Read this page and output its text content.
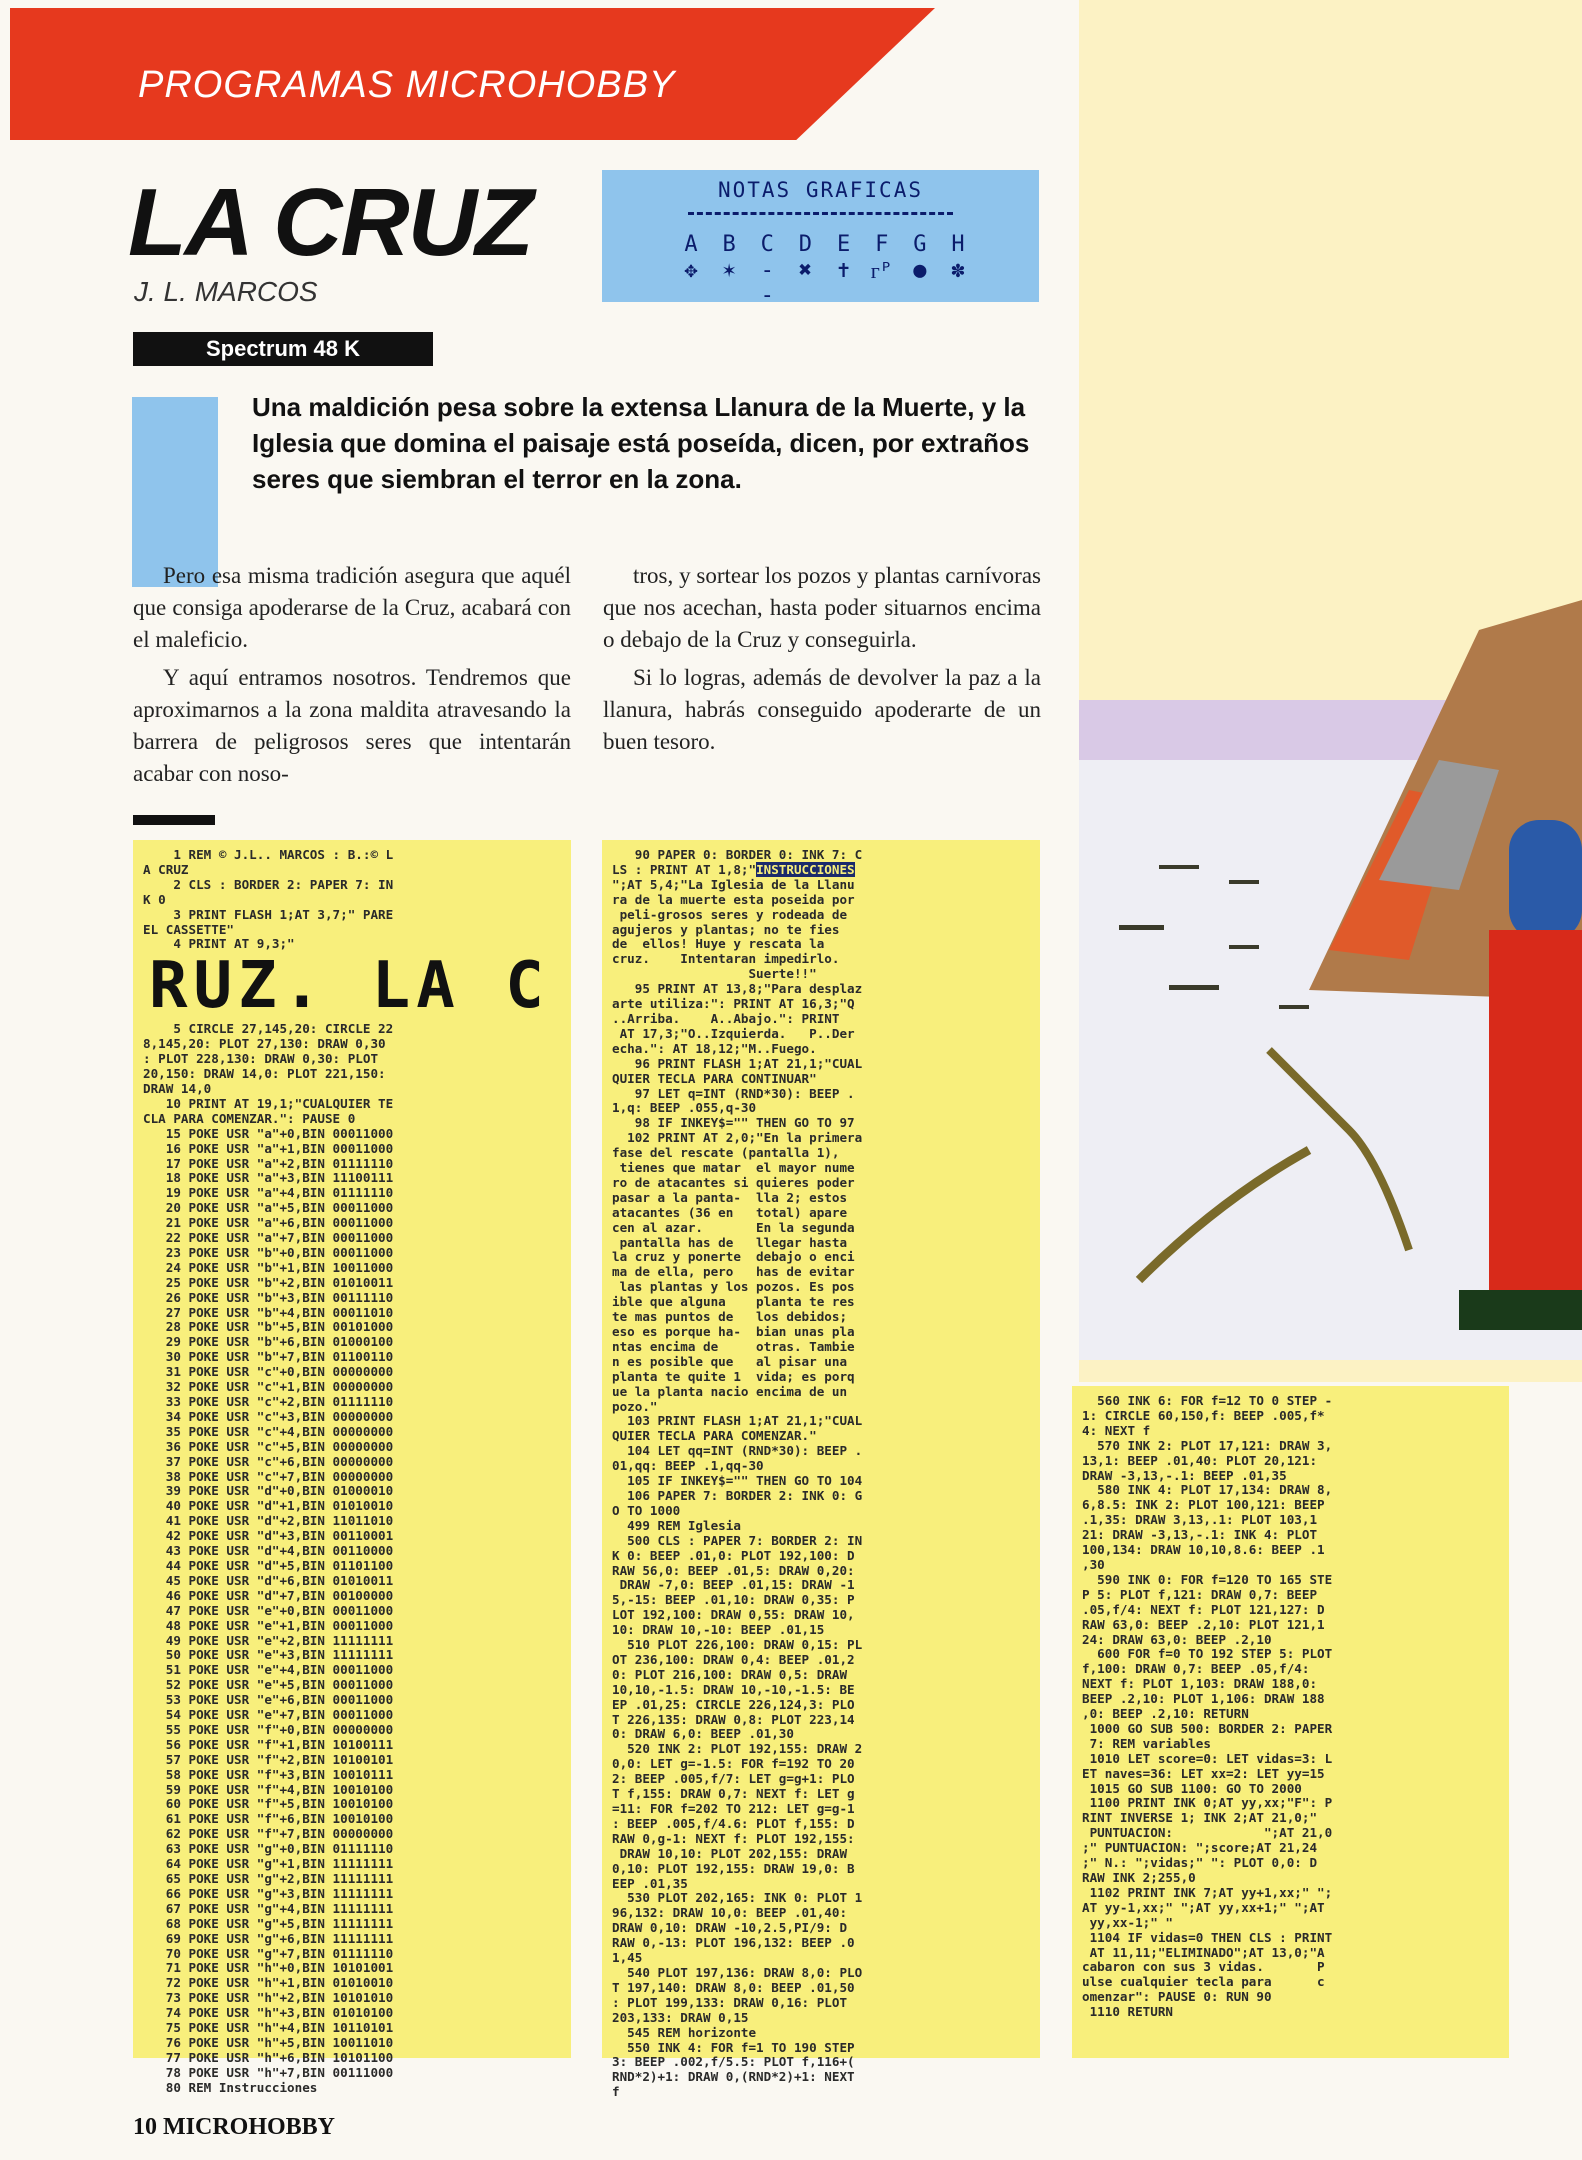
PROGRAMAS MICROHOBBY
LA CRUZ
J. L. MARCOS
Spectrum 48 K
NOTAS GRAFICAS
A B C D E F G H
✥ ✶ --
✖ ✝ ᴦᴾ ● ✽
Una maldición pesa sobre la extensa Llanura de la Muerte, y la Iglesia que domina el paisaje está poseída, dicen, por extraños seres que siembran el terror en la zona.

Pero esa misma tradición asegura que aquél que consiga apoderarse de la Cruz, acabará con el maleficio.

Y aquí entramos nosotros. Tendremos que aproximarnos a la zona maldita atravesando la barrera de peligrosos seres que intentarán acabar con noso-

tros, y sortear los pozos y plantas carnívoras que nos acechan, hasta poder situarnos encima o debajo de la Cruz y conseguirla.

Si lo logras, además de devolver la paz a la llanura, habrás conseguido apoderarte de un buen tesoro.

1 REM © J.L.. MARCOS : B.:© L
A CRUZ
2 CLS : BORDER 2: PAPER 7: IN
K 0
3 PRINT FLASH 1;AT 3,7;" PARE
EL CASSETTE"
4 PRINT AT 9,3;"
RUZ. LA C
5 CIRCLE 27,145,20: CIRCLE 22
8,145,20: PLOT 27,130: DRAW 0,30
: PLOT 228,130: DRAW 0,30: PLOT
20,150: DRAW 14,0: PLOT 221,150:
DRAW 14,0
10 PRINT AT 19,1;"CUALQUIER TE
CLA PARA COMENZAR.": PAUSE 0
15 POKE USR "a"+0,BIN 00011000
16 POKE USR "a"+1,BIN 00011000
17 POKE USR "a"+2,BIN 01111110
18 POKE USR "a"+3,BIN 11100111
19 POKE USR "a"+4,BIN 01111110
20 POKE USR "a"+5,BIN 00011000
21 POKE USR "a"+6,BIN 00011000
22 POKE USR "a"+7,BIN 00011000
23 POKE USR "b"+0,BIN 00011000
24 POKE USR "b"+1,BIN 10011000
25 POKE USR "b"+2,BIN 01010011
26 POKE USR "b"+3,BIN 00111110
27 POKE USR "b"+4,BIN 00011010
28 POKE USR "b"+5,BIN 00101000
29 POKE USR "b"+6,BIN 01000100
30 POKE USR "b"+7,BIN 01100110
31 POKE USR "c"+0,BIN 00000000
32 POKE USR "c"+1,BIN 00000000
33 POKE USR "c"+2,BIN 01111110
34 POKE USR "c"+3,BIN 00000000
35 POKE USR "c"+4,BIN 00000000
36 POKE USR "c"+5,BIN 00000000
37 POKE USR "c"+6,BIN 00000000
38 POKE USR "c"+7,BIN 00000000
39 POKE USR "d"+0,BIN 01000010
40 POKE USR "d"+1,BIN 01010010
41 POKE USR "d"+2,BIN 11011010
42 POKE USR "d"+3,BIN 00110001
43 POKE USR "d"+4,BIN 00110000
44 POKE USR "d"+5,BIN 01101100
45 POKE USR "d"+6,BIN 01010011
46 POKE USR "d"+7,BIN 00100000
47 POKE USR "e"+0,BIN 00011000
48 POKE USR "e"+1,BIN 00011000
49 POKE USR "e"+2,BIN 11111111
50 POKE USR "e"+3,BIN 11111111
51 POKE USR "e"+4,BIN 00011000
52 POKE USR "e"+5,BIN 00011000
53 POKE USR "e"+6,BIN 00011000
54 POKE USR "e"+7,BIN 00011000
55 POKE USR "f"+0,BIN 00000000
56 POKE USR "f"+1,BIN 10100111
57 POKE USR "f"+2,BIN 10100101
58 POKE USR "f"+3,BIN 10010111
59 POKE USR "f"+4,BIN 10010100
60 POKE USR "f"+5,BIN 10010100
61 POKE USR "f"+6,BIN 10010100
62 POKE USR "f"+7,BIN 00000000
63 POKE USR "g"+0,BIN 01111110
64 POKE USR "g"+1,BIN 11111111
65 POKE USR "g"+2,BIN 11111111
66 POKE USR "g"+3,BIN 11111111
67 POKE USR "g"+4,BIN 11111111
68 POKE USR "g"+5,BIN 11111111
69 POKE USR "g"+6,BIN 11111111
70 POKE USR "g"+7,BIN 01111110
71 POKE USR "h"+0,BIN 10101001
72 POKE USR "h"+1,BIN 01010010
73 POKE USR "h"+2,BIN 10101010
74 POKE USR "h"+3,BIN 01010100
75 POKE USR "h"+4,BIN 10110101
76 POKE USR "h"+5,BIN 10011010
77 POKE USR "h"+6,BIN 10101100
78 POKE USR "h"+7,BIN 00111000
80 REM Instrucciones
90 PAPER 0: BORDER 0: INK 7: C
LS : PRINT AT 1,8;"INSTRUCCIONES
";AT 5,4;"La Iglesia de la Llanu
ra de la muerte esta poseida por
peli-grosos seres y rodeada de
agujeros y plantas; no te fies
de  ellos! Huye y rescata la
cruz.    Intentaran impedirlo.
Suerte!!"
95 PRINT AT 13,8;"Para desplaz
arte utiliza:": PRINT AT 16,3;"Q
..Arriba.    A..Abajo.": PRINT
AT 17,3;"O..Izquierda.   P..Der
echa.": AT 18,12;"M..Fuego.
96 PRINT FLASH 1;AT 21,1;"CUAL
QUIER TECLA PARA CONTINUAR"
97 LET q=INT (RND*30): BEEP .
1,q: BEEP .055,q-30
98 IF INKEY$="" THEN GO TO 97
102 PRINT AT 2,0;"En la primera
fase del rescate (pantalla 1),
tienes que matar  el mayor nume
ro de atacantes si quieres poder
pasar a la panta-  lla 2; estos
atacantes (36 en   total) apare
cen al azar.       En la segunda
pantalla has de   llegar hasta
la cruz y ponerte  debajo o enci
ma de ella, pero   has de evitar
las plantas y los pozos. Es pos
ible que alguna    planta te res
te mas puntos de   los debidos;
eso es porque ha-  bian unas pla
ntas encima de     otras. Tambie
n es posible que   al pisar una
planta te quite 1  vida; es porq
ue la planta nacio encima de un
pozo."
103 PRINT FLASH 1;AT 21,1;"CUAL
QUIER TECLA PARA COMENZAR."
104 LET qq=INT (RND*30): BEEP .
01,qq: BEEP .1,qq-30
105 IF INKEY$="" THEN GO TO 104
106 PAPER 7: BORDER 2: INK 0: G
O TO 1000
499 REM Iglesia
500 CLS : PAPER 7: BORDER 2: IN
K 0: BEEP .01,0: PLOT 192,100: D
RAW 56,0: BEEP .01,5: DRAW 0,20:
DRAW -7,0: BEEP .01,15: DRAW -1
5,-15: BEEP .01,10: DRAW 0,35: P
LOT 192,100: DRAW 0,55: DRAW 10,
10: DRAW 10,-10: BEEP .01,15
510 PLOT 226,100: DRAW 0,15: PL
OT 236,100: DRAW 0,4: BEEP .01,2
0: PLOT 216,100: DRAW 0,5: DRAW
10,10,-1.5: DRAW 10,-10,-1.5: BE
EP .01,25: CIRCLE 226,124,3: PLO
T 226,135: DRAW 0,8: PLOT 223,14
0: DRAW 6,0: BEEP .01,30
520 INK 2: PLOT 192,155: DRAW 2
0,0: LET g=-1.5: FOR f=192 TO 20
2: BEEP .005,f/7: LET g=g+1: PLO
T f,155: DRAW 0,7: NEXT f: LET g
=11: FOR f=202 TO 212: LET g=g-1
: BEEP .005,f/4.6: PLOT f,155: D
RAW 0,g-1: NEXT f: PLOT 192,155:
DRAW 10,10: PLOT 202,155: DRAW
0,10: PLOT 192,155: DRAW 19,0: B
EEP .01,35
530 PLOT 202,165: INK 0: PLOT 1
96,132: DRAW 10,0: BEEP .01,40:
DRAW 0,10: DRAW -10,2.5,PI/9: D
RAW 0,-13: PLOT 196,132: BEEP .0
1,45
540 PLOT 197,136: DRAW 8,0: PLO
T 197,140: DRAW 8,0: BEEP .01,50
: PLOT 199,133: DRAW 0,16: PLOT
203,133: DRAW 0,15
545 REM horizonte
550 INK 4: FOR f=1 TO 190 STEP
3: BEEP .002,f/5.5: PLOT f,116+(
RND*2)+1: DRAW 0,(RND*2)+1: NEXT
f
560 INK 6: FOR f=12 TO 0 STEP -
1: CIRCLE 60,150,f: BEEP .005,f*
4: NEXT f
570 INK 2: PLOT 17,121: DRAW 3,
13,1: BEEP .01,40: PLOT 20,121:
DRAW -3,13,-.1: BEEP .01,35
580 INK 4: PLOT 17,134: DRAW 8,
6,8.5: INK 2: PLOT 100,121: BEEP
.1,35: DRAW 3,13,.1: PLOT 103,1
21: DRAW -3,13,-.1: INK 4: PLOT
100,134: DRAW 10,10,8.6: BEEP .1
,30
590 INK 0: FOR f=120 TO 165 STE
P 5: PLOT f,121: DRAW 0,7: BEEP
.05,f/4: NEXT f: PLOT 121,127: D
RAW 63,0: BEEP .2,10: PLOT 121,1
24: DRAW 63,0: BEEP .2,10
600 FOR f=0 TO 192 STEP 5: PLOT
f,100: DRAW 0,7: BEEP .05,f/4:
NEXT f: PLOT 1,103: DRAW 188,0:
BEEP .2,10: PLOT 1,106: DRAW 188
,0: BEEP .2,10: RETURN
1000 GO SUB 500: BORDER 2: PAPER
7: REM variables
1010 LET score=0: LET vidas=3: L
ET naves=36: LET xx=2: LET yy=15
1015 GO SUB 1100: GO TO 2000
1100 PRINT INK 0;AT yy,xx;"F": P
RINT INVERSE 1; INK 2;AT 21,0;"
PUNTUACION:            ";AT 21,0
;" PUNTUACION: ";score;AT 21,24
;" N.: ";vidas;" ": PLOT 0,0: D
RAW INK 2;255,0
1102 PRINT INK 7;AT yy+1,xx;" ";
AT yy-1,xx;" ";AT yy,xx+1;" ";AT
yy,xx-1;" "
1104 IF vidas=0 THEN CLS : PRINT
AT 11,11;"ELIMINADO";AT 13,0;"A
cabaron con sus 3 vidas.       P
ulse cualquier tecla para      c
omenzar": PAUSE 0: RUN 90
1110 RETURN
10 MICROHOBBY
